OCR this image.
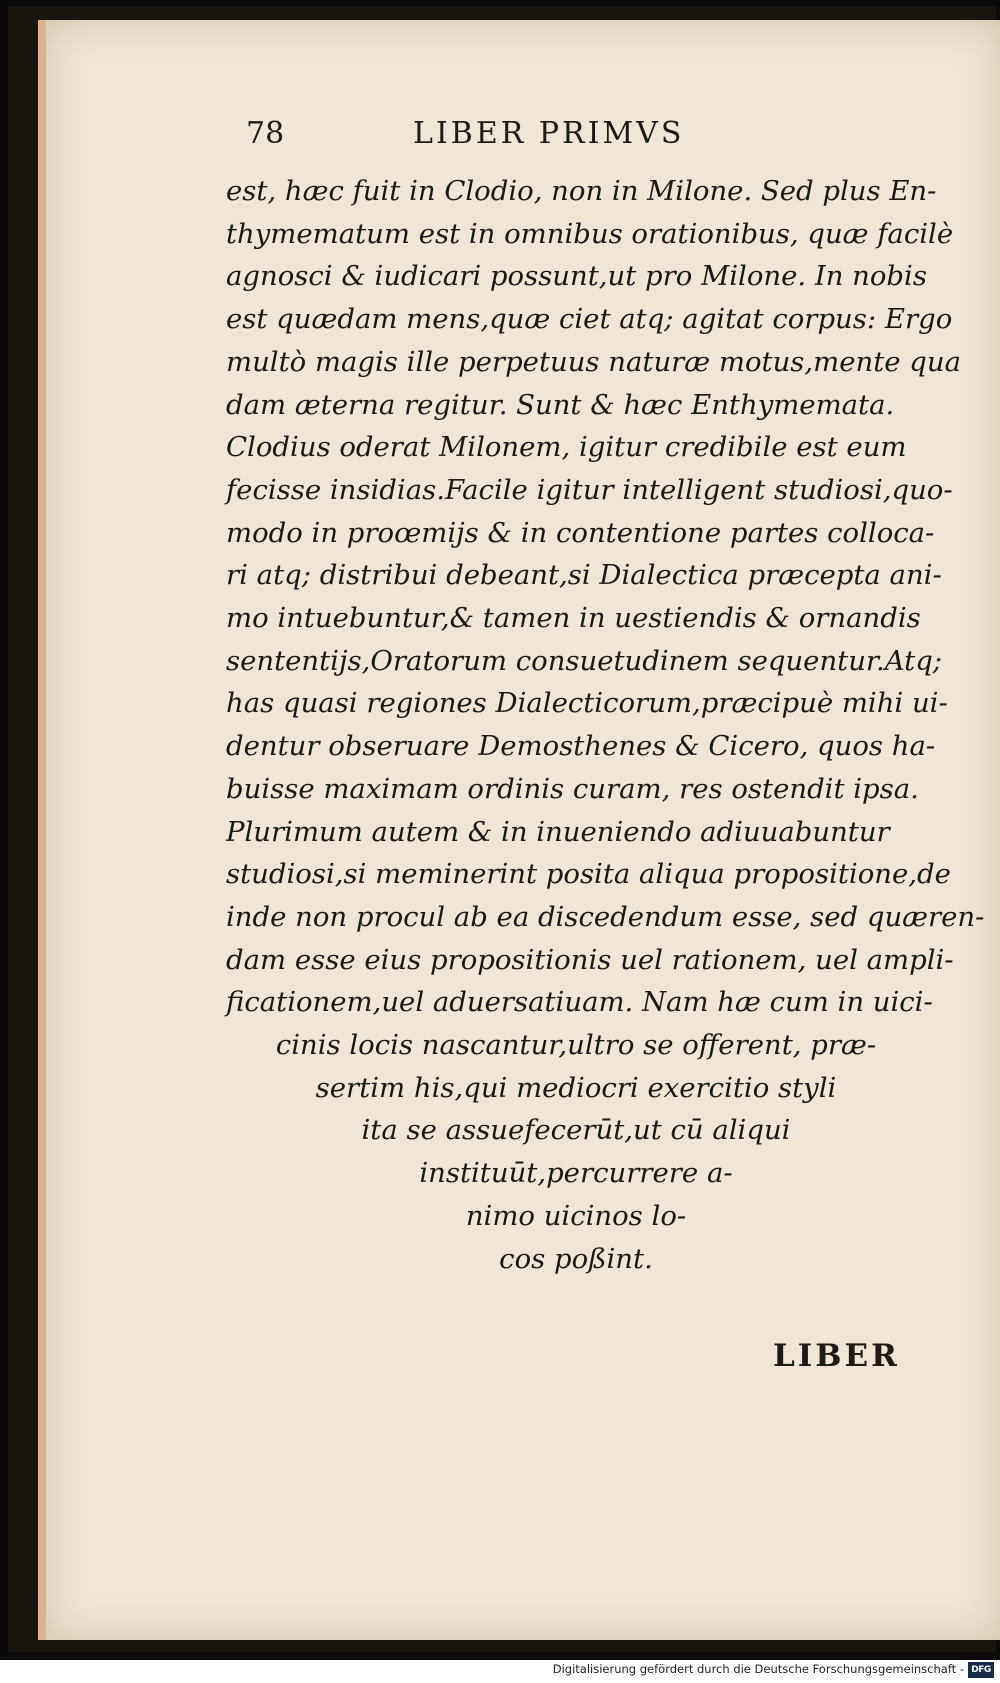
78	LIBER PRIMVS
est, hæc fuit in Clodio, non in Milone. Sed plus En-
thymematum est in omnibus orationibus, quæ facilè
agnosci & iudicari possunt,ut pro Milone. In nobis
est quædam mens,quæ ciet atq; agitat corpus: Ergo
multò magis ille perpetuus naturæ motus,mente qua
dam æterna regitur. Sunt & hæc Enthymemata.
Clodius oderat Milonem, igitur credibile est eum
fecisse insidias.Facile igitur intelligent studiosi,quo-
modo in proœmijs & in contentione partes colloca-
ri atq; distribui debeant,si Dialectica præcepta ani-
mo intuebuntur,& tamen in uestiendis & ornandis
sententijs,Oratorum consuetudinem sequentur.Atq;
has quasi regiones Dialecticorum,præcipuè mihi ui-
dentur obseruare Demosthenes & Cicero, quos ha-
buisse maximam ordinis curam, res ostendit ipsa.
Plurimum autem & in inueniendo adiuuabuntur
studiosi,si meminerint posita aliqua propositione,de
inde non procul ab ea discedendum esse, sed quæren-
dam esse eius propositionis uel rationem, uel ampli-
ficationem,uel aduersatiuam. Nam hæ cum in uici-
cinis locis nascantur,ultro se offerent, præ-
sertim his,qui mediocri exercitio styli
ita se assuefecerūt,ut cū aliqui
instituūt,percurrere a-
nimo uicinos lo-
cos poßint.
LIBER
Digitalisierung gefördert durch die Deutsche Forschungsgemeinschaft - DFG
